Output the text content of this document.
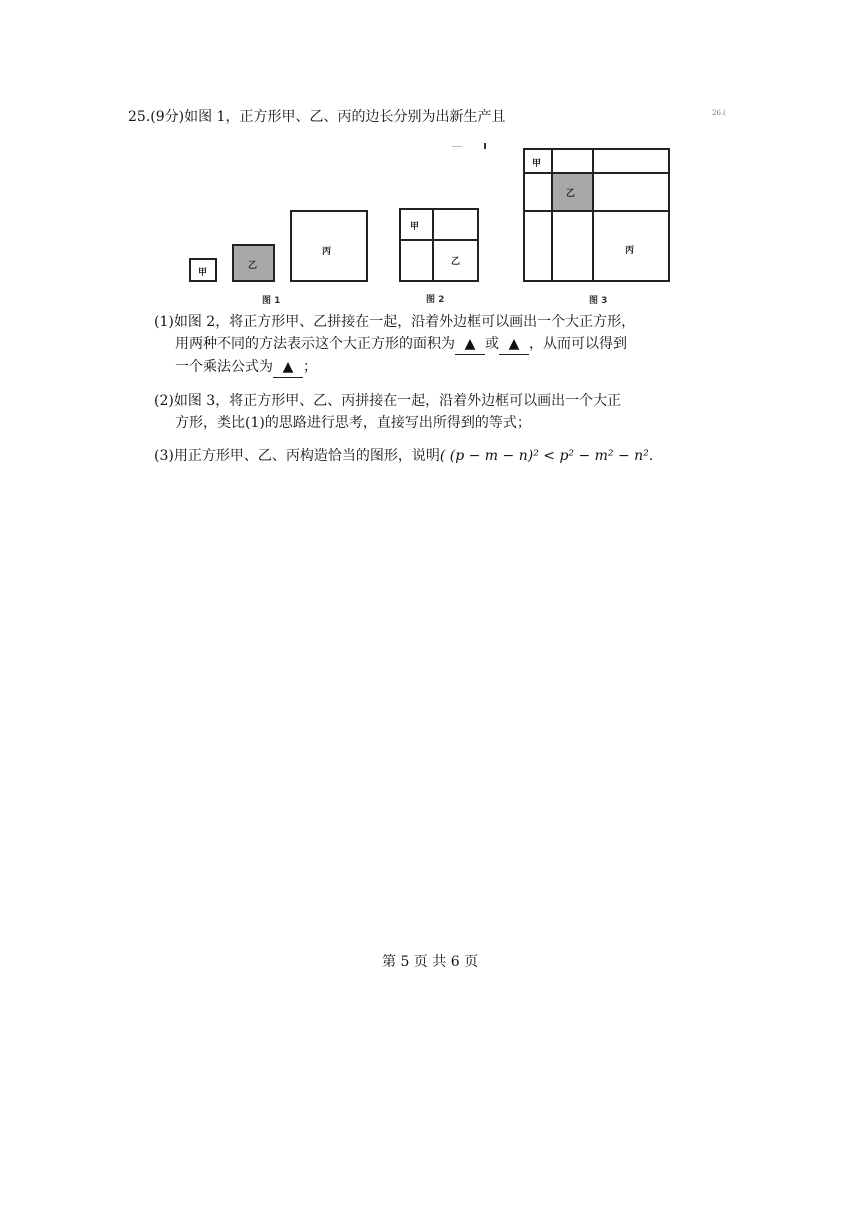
25.(9分)如图 1，正方形甲、乙、丙的边长分别为出新生产且	26.(
甲
乙
丙
图 1
甲
乙
图 2
甲
乙
丙
图 3
(1)如图 2，将正方形甲、乙拼接在一起，沿着外边框可以画出一个大正方形，
用两种不同的方法表示这个大正方形的面积为 ▲ 或 ▲ ，从而可以得到
一个乘法公式为 ▲ ；
(2)如图 3，将正方形甲、乙、丙拼接在一起，沿着外边框可以画出一个大正
方形，类比(1)的思路进行思考，直接写出所得到的等式；
(3)用正方形甲、乙、丙构造恰当的图形，说明( (p − m − n)² < p² − m² − n².
第 5 页 共 6 页
